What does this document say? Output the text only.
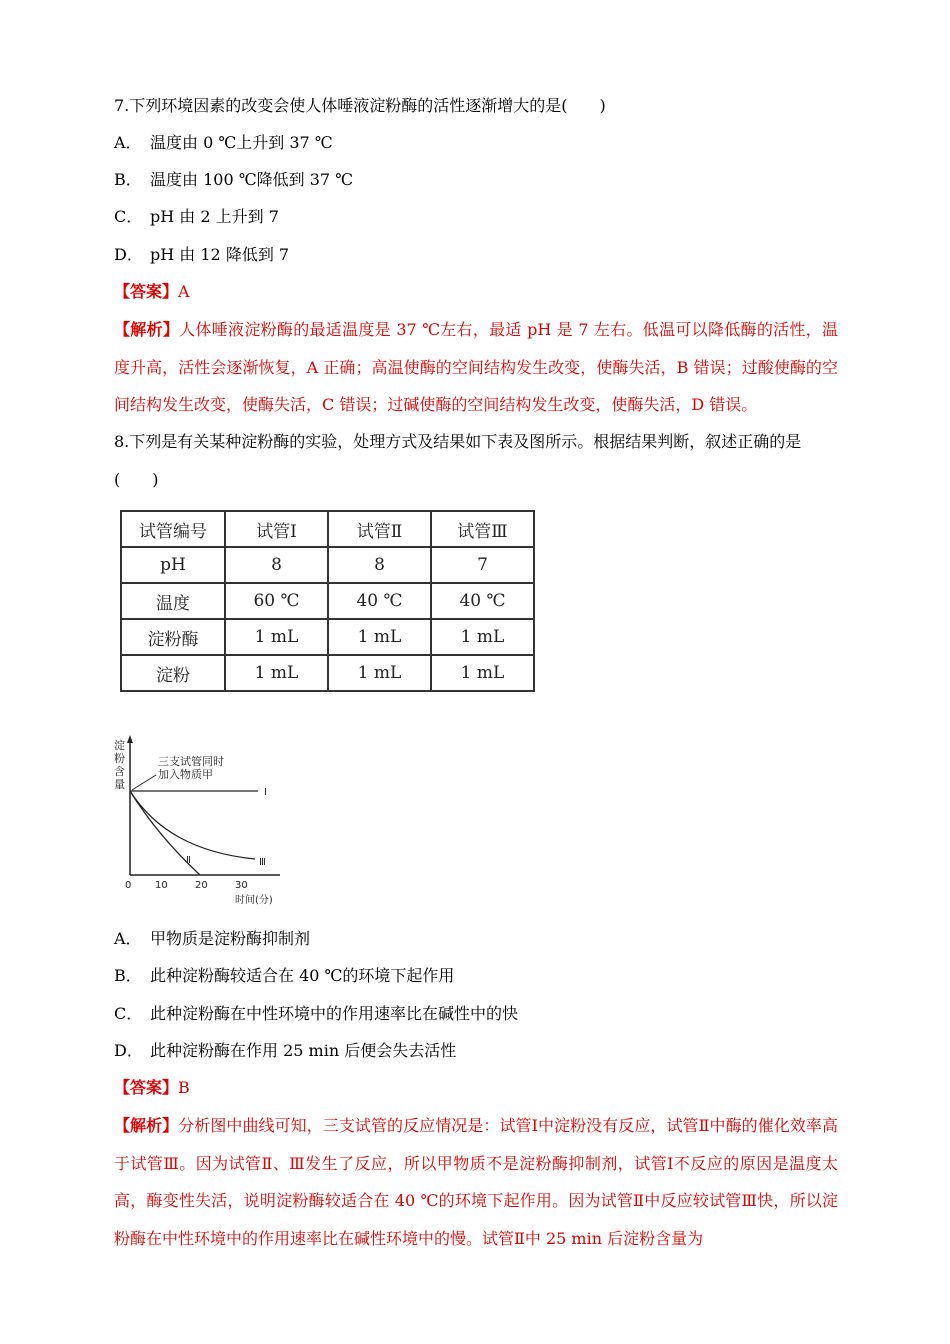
7.下列环境因素的改变会使人体唾液淀粉酶的活性逐渐增大的是(　　)
A． 温度由 0 ℃上升到 37 ℃
B． 温度由 100 ℃降低到 37 ℃
C． pH 由 2 上升到 7
D． pH 由 12 降低到 7
【答案】A
【解析】人体唾液淀粉酶的最适温度是 37 ℃左右，最适 pH 是 7 左右。低温可以降低酶的活性，温度升高，活性会逐渐恢复，A 正确；高温使酶的空间结构发生改变，使酶失活，B 错误；过酸使酶的空间结构发生改变，使酶失活，C 错误；过碱使酶的空间结构发生改变，使酶失活，D 错误。
8.下列是有关某种淀粉酶的实验，处理方式及结果如下表及图所示。根据结果判断，叙述正确的是(　　)
试管编号	试管Ⅰ	试管Ⅱ	试管Ⅲ
pH	8	8	7
温度	60 ℃	40 ℃	40 ℃
淀粉酶	1 mL	1 mL	1 mL
淀粉	1 mL	1 mL	1 mL
淀
粉
含
量
三支试管同时
加入物质甲
Ⅰ
Ⅱ	Ⅲ
0 10	20	30
时间(分)
A． 甲物质是淀粉酶抑制剂
B． 此种淀粉酶较适合在 40 ℃的环境下起作用
C． 此种淀粉酶在中性环境中的作用速率比在碱性中的快
D． 此种淀粉酶在作用 25 min 后便会失去活性
【答案】B
【解析】分析图中曲线可知，三支试管的反应情况是：试管Ⅰ中淀粉没有反应，试管Ⅱ中酶的催化效率高于试管Ⅲ。因为试管Ⅱ、Ⅲ发生了反应，所以甲物质不是淀粉酶抑制剂，试管Ⅰ不反应的原因是温度太高，酶变性失活，说明淀粉酶较适合在 40 ℃的环境下起作用。因为试管Ⅱ中反应较试管Ⅲ快，所以淀粉酶在中性环境中的作用速率比在碱性环境中的慢。试管Ⅱ中 25 min 后淀粉含量为
